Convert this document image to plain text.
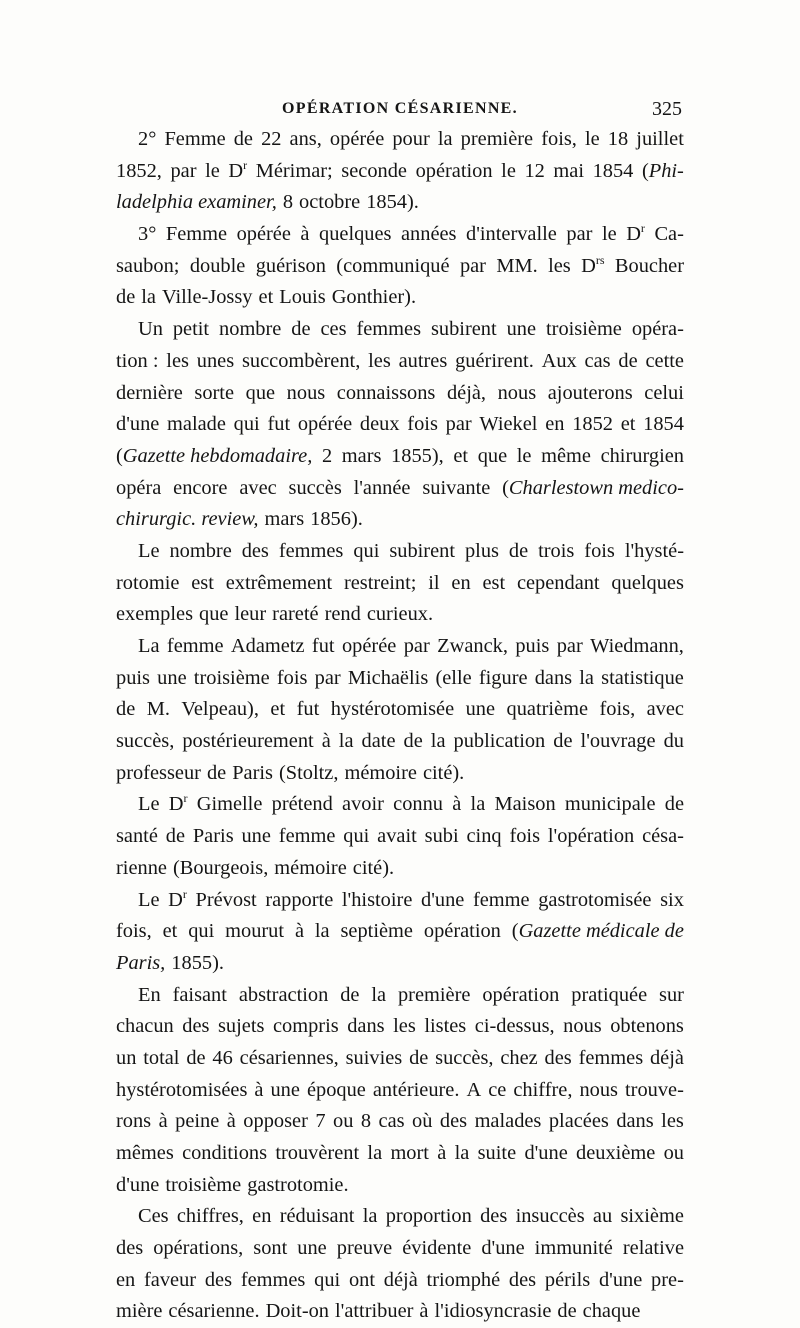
OPÉRATION CÉSARIENNE.	325
2° Femme de 22 ans, opérée pour la première fois, le 18 juillet
1852, par le $D^r$ Mérimar; seconde opération le 12 mai 1854 (Phi-
ladelphia examiner, 8 octobre 1854).
3° Femme opérée à quelques années d'intervalle par le $D^r$ Ca-
saubon; double guérison (communiqué par MM. les $D^{rs}$ Boucher
de la Ville-Jossy et Louis Gonthier).
Un petit nombre de ces femmes subirent une troisième opéra-
tion : les unes succombèrent, les autres guérirent. Aux cas de cette
dernière sorte que nous connaissons déjà, nous ajouterons celui
d'une malade qui fut opérée deux fois par Wiekel en 1852 et 1854
(Gazette hebdomadaire, 2 mars 1855), et que le même chirurgien
opéra encore avec succès l'année suivante (Charlestown medico-
chirurgic. review, mars 1856).
Le nombre des femmes qui subirent plus de trois fois l'hysté-
rotomie est extrêmement restreint; il en est cependant quelques
exemples que leur rareté rend curieux.
La femme Adametz fut opérée par Zwanck, puis par Wiedmann,
puis une troisième fois par Michaëlis (elle figure dans la statistique
de M. Velpeau), et fut hystérotomisée une quatrième fois, avec
succès, postérieurement à la date de la publication de l'ouvrage du
professeur de Paris (Stoltz, mémoire cité).
Le $D^r$ Gimelle prétend avoir connu à la Maison municipale de
santé de Paris une femme qui avait subi cinq fois l'opération césa-
rienne (Bourgeois, mémoire cité).
Le $D^r$ Prévost rapporte l'histoire d'une femme gastrotomisée six
fois, et qui mourut à la septième opération (Gazette médicale de
Paris, 1855).
En faisant abstraction de la première opération pratiquée sur
chacun des sujets compris dans les listes ci-dessus, nous obtenons
un total de 46 césariennes, suivies de succès, chez des femmes déjà
hystérotomisées à une époque antérieure. A ce chiffre, nous trouve-
rons à peine à opposer 7 ou 8 cas où des malades placées dans les
mêmes conditions trouvèrent la mort à la suite d'une deuxième ou
d'une troisième gastrotomie.
Ces chiffres, en réduisant la proportion des insuccès au sixième
des opérations, sont une preuve évidente d'une immunité relative
en faveur des femmes qui ont déjà triomphé des périls d'une pre-
mière césarienne. Doit-on l'attribuer à l'idiosyncrasie de chaque
